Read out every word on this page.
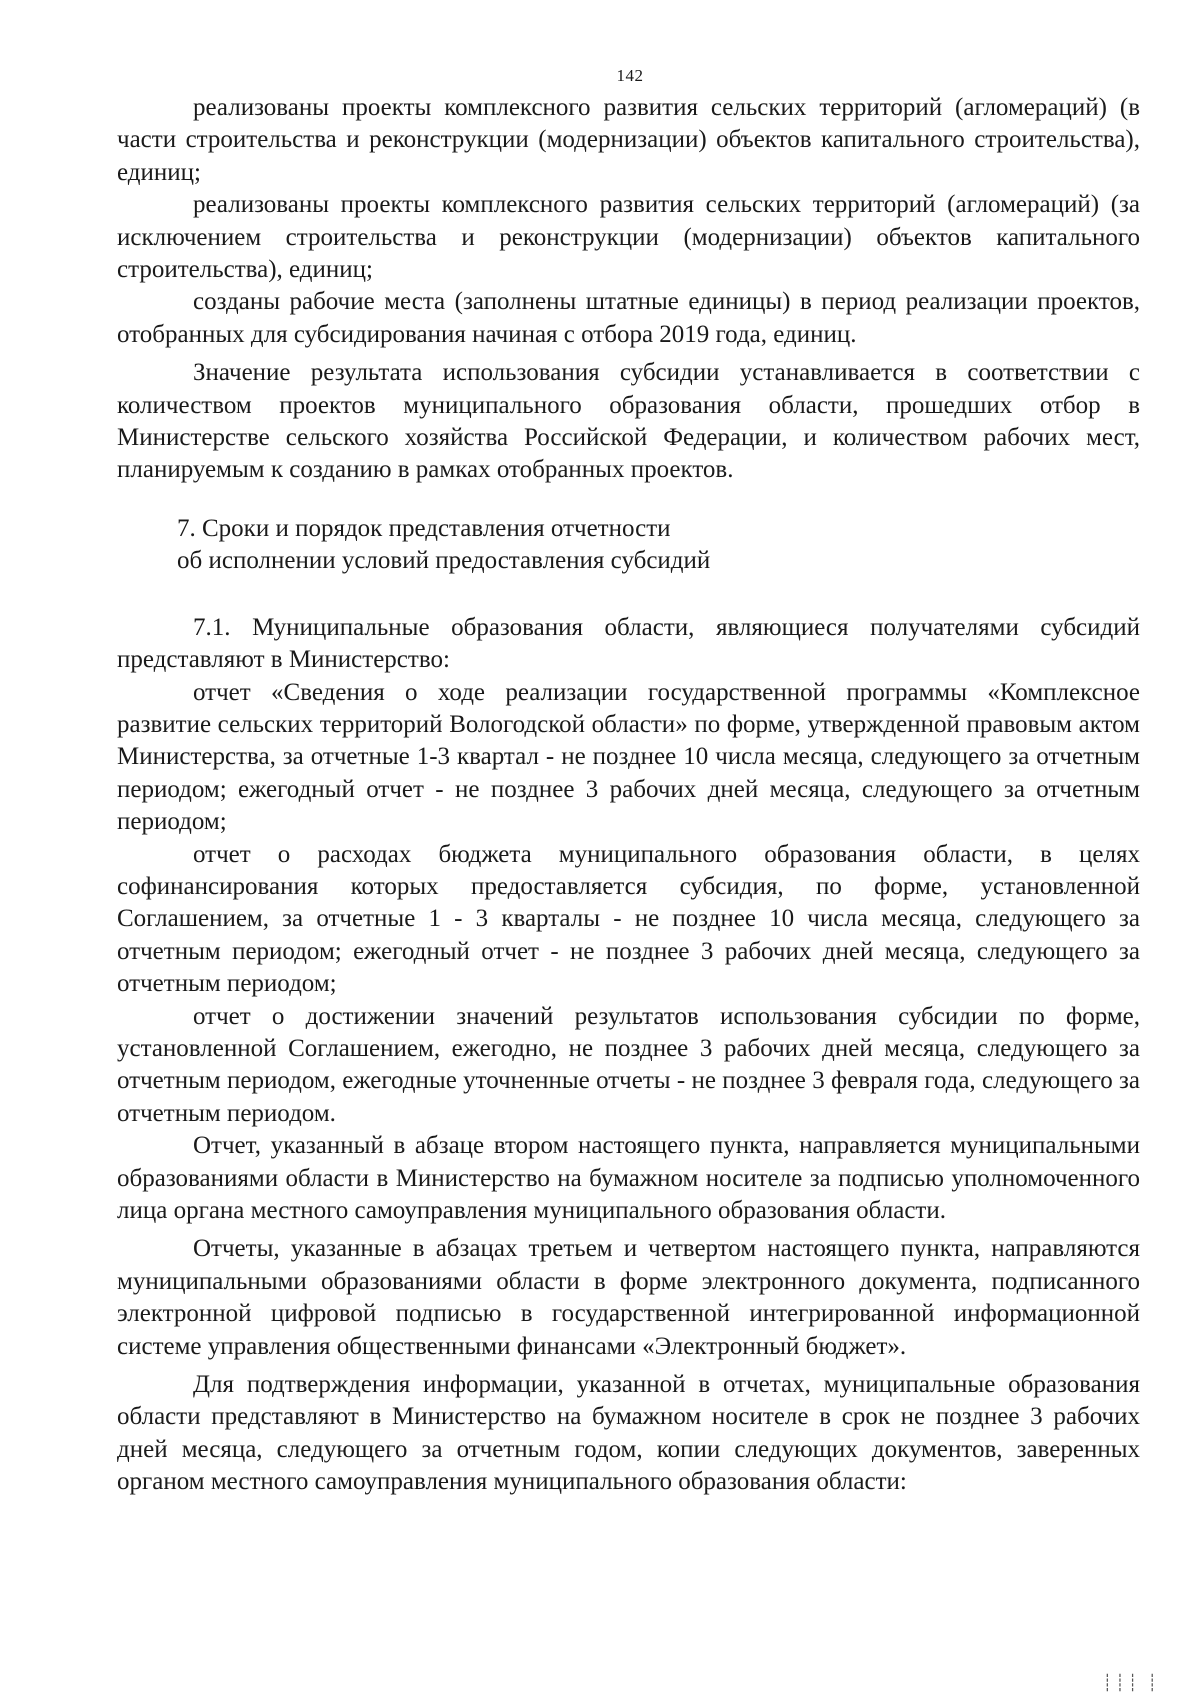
142

реализованы проекты комплексного развития сельских территорий (агломераций) (в части строительства и реконструкции (модернизации) объектов капитального строительства), единиц;

реализованы проекты комплексного развития сельских территорий (агломераций) (за исключением строительства и реконструкции (модернизации) объектов капитального строительства), единиц;

созданы рабочие места (заполнены штатные единицы) в период реализации проектов, отобранных для субсидирования начиная с отбора 2019 года, единиц.

Значение результата использования субсидии устанавливается в соответствии с количеством проектов муниципального образования области, прошедших отбор в Министерстве сельского хозяйства Российской Федерации, и количеством рабочих мест, планируемым к созданию в рамках отобранных проектов.

7. Сроки и порядок представления отчетности
об исполнении условий предоставления субсидий

7.1. Муниципальные образования области, являющиеся получателями субсидий представляют в Министерство:

отчет «Сведения о ходе реализации государственной программы «Комплексное развитие сельских территорий Вологодской области» по форме, утвержденной правовым актом Министерства, за отчетные 1-3 квартал - не позднее 10 числа месяца, следующего за отчетным периодом; ежегодный отчет - не позднее 3 рабочих дней месяца, следующего за отчетным периодом;

отчет о расходах бюджета муниципального образования области, в целях софинансирования которых предоставляется субсидия, по форме, установленной Соглашением, за отчетные 1 - 3 кварталы - не позднее 10 числа месяца, следующего за отчетным периодом; ежегодный отчет - не позднее 3 рабочих дней месяца, следующего за отчетным периодом;

отчет о достижении значений результатов использования субсидии по форме, установленной Соглашением, ежегодно, не позднее 3 рабочих дней месяца, следующего за отчетным периодом, ежегодные уточненные отчеты - не позднее 3 февраля года, следующего за отчетным периодом.

Отчет, указанный в абзаце втором настоящего пункта, направляется муниципальными образованиями области в Министерство на бумажном носителе за подписью уполномоченного лица органа местного самоуправления муниципального образования области.

Отчеты, указанные в абзацах третьем и четвертом настоящего пункта, направляются муниципальными образованиями области в форме электронного документа, подписанного электронной цифровой подписью в государственной интегрированной информационной системе управления общественными финансами «Электронный бюджет».

Для подтверждения информации, указанной в отчетах, муниципальные образования области представляют в Министерство на бумажном носителе в срок не позднее 3 рабочих дней месяца, следующего за отчетным годом, копии следующих документов, заверенных органом местного самоуправления муниципального образования области:

┊┊┊ ┊
